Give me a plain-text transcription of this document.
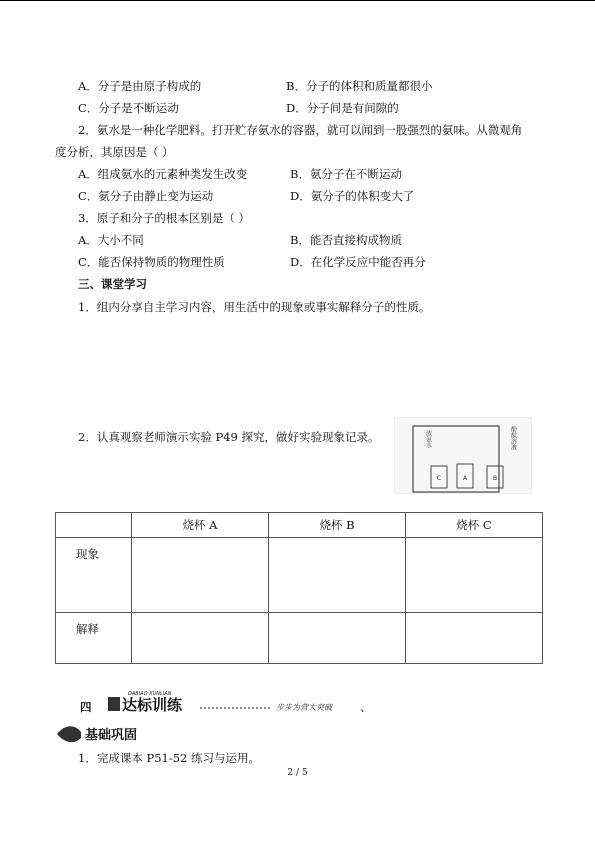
A．分子是由原子构成的	B．分子的体积和质量都很小
C．分子是不断运动	D．分子间是有间隙的
2．氨水是一种化学肥料。打开贮存氨水的容器，就可以闻到一股强烈的氨味。从微观角
度分析，其原因是（ ）
A．组成氨水的元素种类发生改变	B．氨分子在不断运动
C．氨分子由静止变为运动	D．氨分子的体积变大了
3．原子和分子的根本区别是（ ）
A．大小不同	B．能否直接构成物质
C．能否保持物质的物理性质	D．在化学反应中能否再分
三、课堂学习
1．组内分享自主学习内容，用生活中的现象或事实解释分子的性质。
2．认真观察老师演示实验 P49 探究，做好实验现象记录。
C	A	B
浓氨水	酚酞溶液
	烧杯 A	烧杯 B	烧杯 C
现象			
解释			
四
DABIAO XUNLIAN
达标训练	步步为营大突破 、
基础巩固
1．完成课本 P51-52 练习与运用。
2 / 5
